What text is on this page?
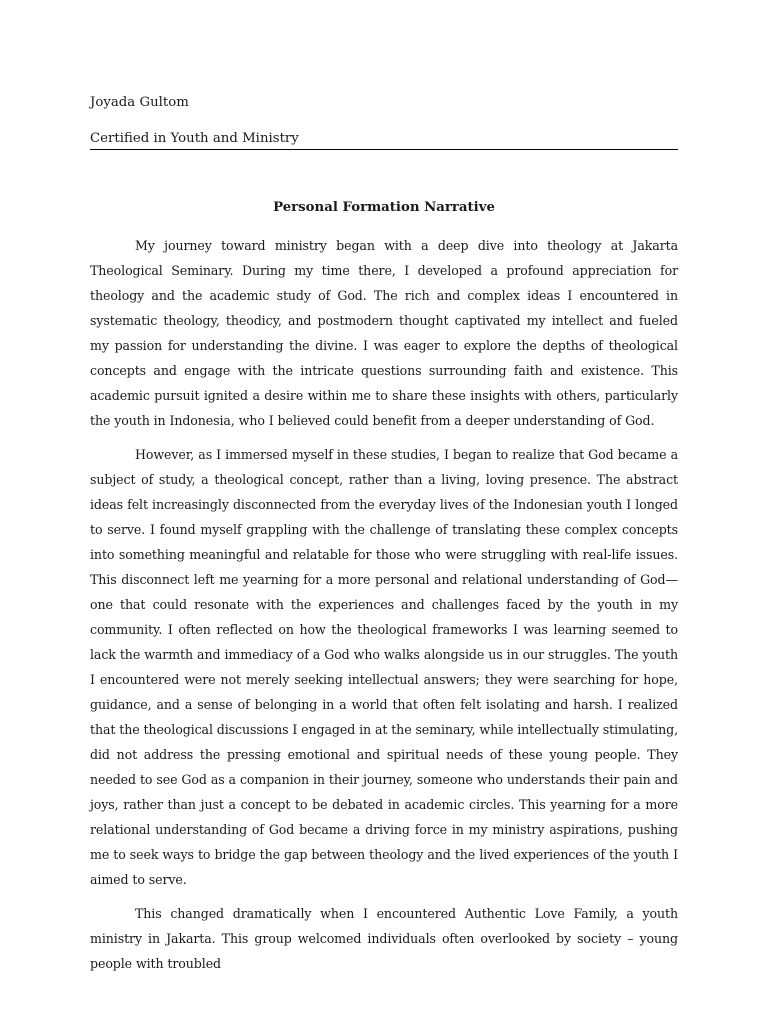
Joyada Gultom

Certified in Youth and Ministry

Personal Formation Narrative

My journey toward ministry began with a deep dive into theology at Jakarta Theological Seminary. During my time there, I developed a profound appreciation for theology and the academic study of God. The rich and complex ideas I encountered in systematic theology, theodicy, and postmodern thought captivated my intellect and fueled my passion for understanding the divine. I was eager to explore the depths of theological concepts and engage with the intricate questions surrounding faith and existence. This academic pursuit ignited a desire within me to share these insights with others, particularly the youth in Indonesia, who I believed could benefit from a deeper understanding of God.

However, as I immersed myself in these studies, I began to realize that God became a subject of study, a theological concept, rather than a living, loving presence. The abstract ideas felt increasingly disconnected from the everyday lives of the Indonesian youth I longed to serve. I found myself grappling with the challenge of translating these complex concepts into something meaningful and relatable for those who were struggling with real-life issues. This disconnect left me yearning for a more personal and relational understanding of God—one that could resonate with the experiences and challenges faced by the youth in my community. I often reflected on how the theological frameworks I was learning seemed to lack the warmth and immediacy of a God who walks alongside us in our struggles. The youth I encountered were not merely seeking intellectual answers; they were searching for hope, guidance, and a sense of belonging in a world that often felt isolating and harsh. I realized that the theological discussions I engaged in at the seminary, while intellectually stimulating, did not address the pressing emotional and spiritual needs of these young people. They needed to see God as a companion in their journey, someone who understands their pain and joys, rather than just a concept to be debated in academic circles. This yearning for a more relational understanding of God became a driving force in my ministry aspirations, pushing me to seek ways to bridge the gap between theology and the lived experiences of the youth I aimed to serve.

This changed dramatically when I encountered Authentic Love Family, a youth ministry in Jakarta. This group welcomed individuals often overlooked by society – young people with troubled
